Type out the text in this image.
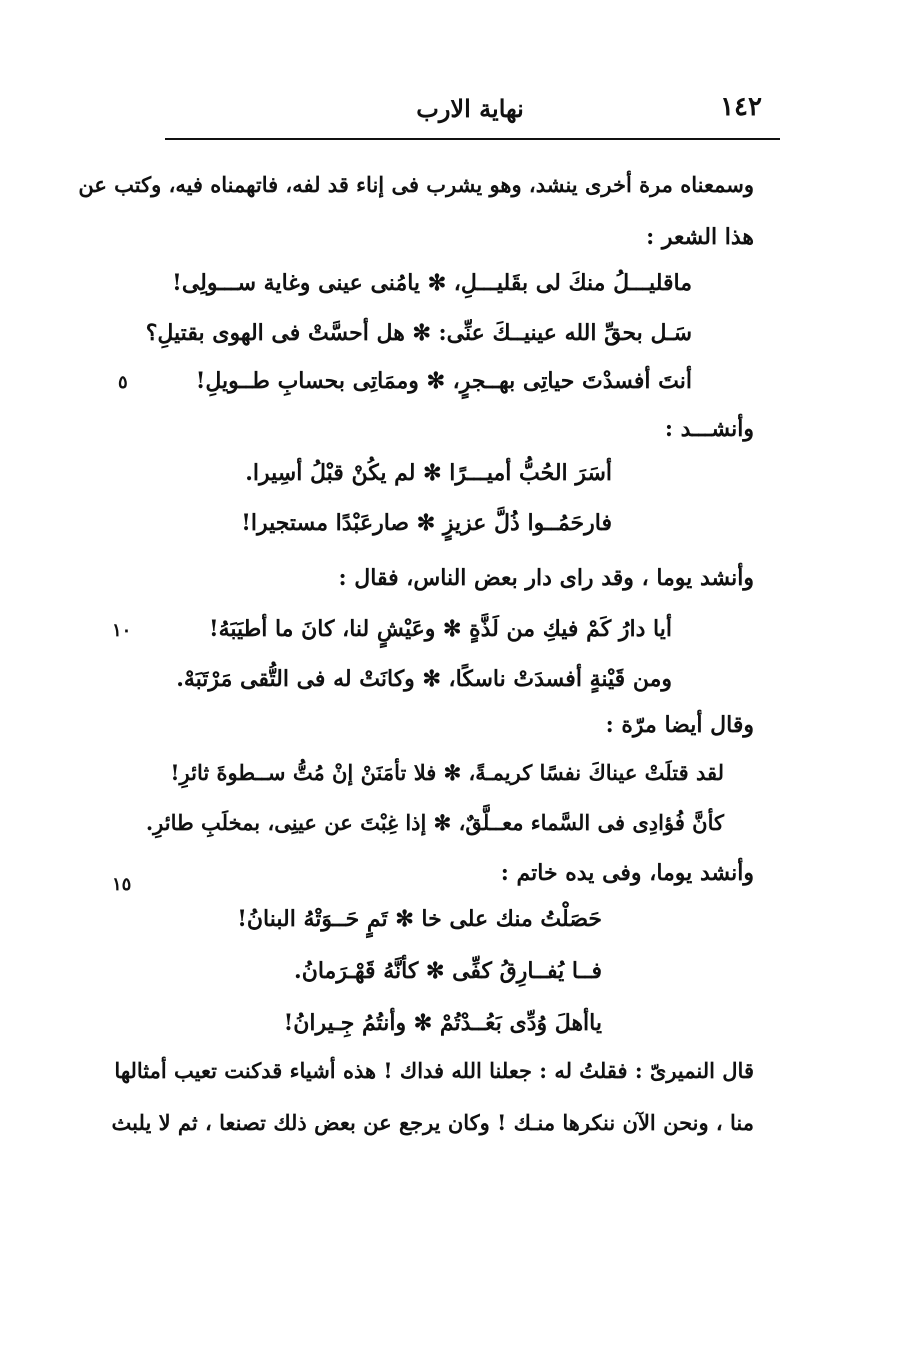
١٤٢
نهاية الارب
وسمعناه مرة أخرى ينشد، وهو يشرب فى إناء قد لفه، فاتهمناه فيه، وكتب عن
هذا الشعر :
ماقليـــلُ منكَ لى بقَليـــلِ، ✻ يامُنى عينى وغاية ســـولِى!
سَـل بحقِّ الله عينيــكَ عنِّى: ✻ هل أحسَّتْ فى الهوى بقتيلِ؟
أنتَ أفسدْتَ حياتِى بهــجرٍ، ✻ وممَاتِى بحسابِ طــويلِ!
وأنشـــد :
أسَرَ الحُبُّ أميـــرًا ✻ لم يكُنْ قبْلُ أسِيرا.
فارحَمُــوا ذُلَّ عزيزٍ ✻ صارعَبْدًا مستجيرا!
وأنشد يوما ، وقد راى دار بعض الناس، فقال :
أيا دارُ كَمْ فيكِ من لَذَّةٍ ✻ وعَيْشٍ لنا، كانَ ما أطيَبَهُ!
ومن قَيْنةٍ أفسدَتْ ناسكًا، ✻ وكانَتْ له فى التُّقى مَرْتَبَهْ.
وقال أيضا مرّة :
لقد قتلَتْ عيناكَ نفسًا كريمـةً، ✻ فلا تأمَنَنْ إنْ مُتُّ ســطوةَ ثائرِ!
كأنَّ فُؤادِى فى السَّماء معــلَّقٌ، ✻ إذا غِبْتَ عن عينِى، بمخلَبِ طائرِ.
وأنشد يوما، وفى يده خاتم :
حَصَلْتُ منك على خا ✻ تَمٍ حَــوَتْهُ البنانُ!
فــا يُفــارِقُ كفِّى ✻ كأنَّهُ قَهْـرَمانُ.
ياأهلَ وُدِّى بَعُــدْتُمْ ✻ وأنتُمُ جِـيرانُ!
قال النميرىّ : فقلتُ له : جعلنا الله فداك ! هذه أشياء قدكنت تعيب أمثالها
منا ، ونحن الآن ننكرها منـك ! وكان يرجع عن بعض ذلك تصنعا ، ثم لا يلبث
٥
١٠
١٥
